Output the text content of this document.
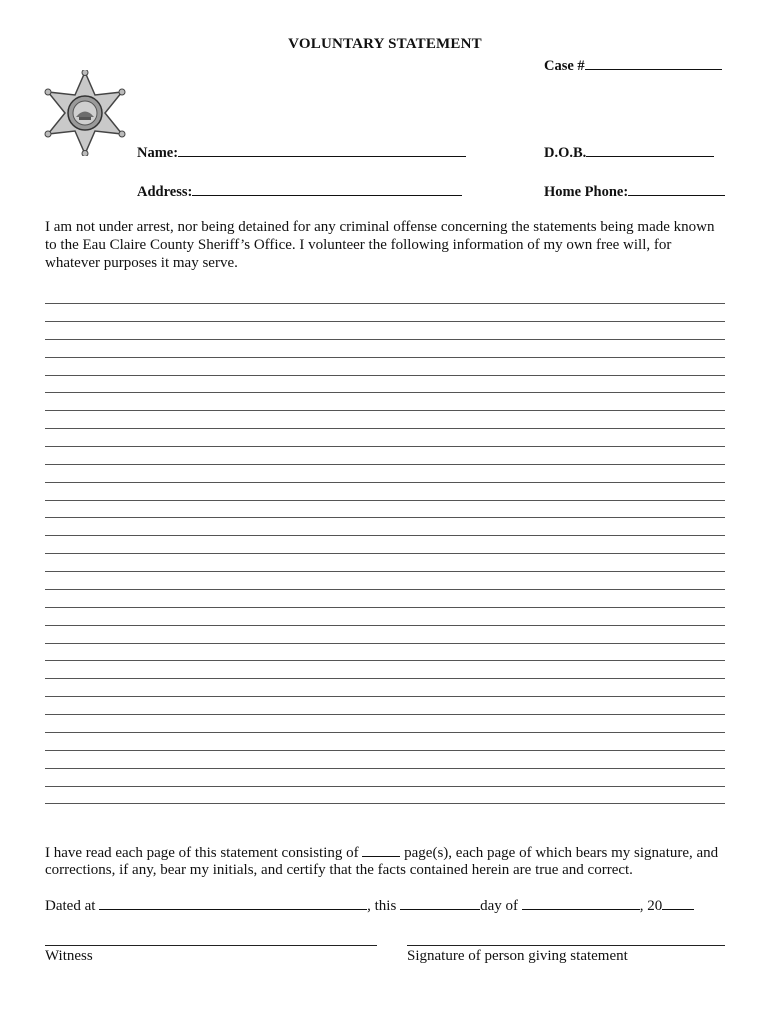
VOLUNTARY STATEMENT
Case #
Name:	D.O.B.
Address:	Home Phone:
I am not under arrest, nor being detained for any criminal offense concerning the statements being made known
to the Eau Claire County Sheriff’s Office. I volunteer the following information of my own free will, for
whatever purposes it may serve.
I have read each page of this statement consisting of	page(s), each page of which bears my signature, and
corrections, if any, bear my initials, and certify that the facts contained herein are true and correct.
Dated at	, this	day of	, 20
Witness	Signature of person giving statement
